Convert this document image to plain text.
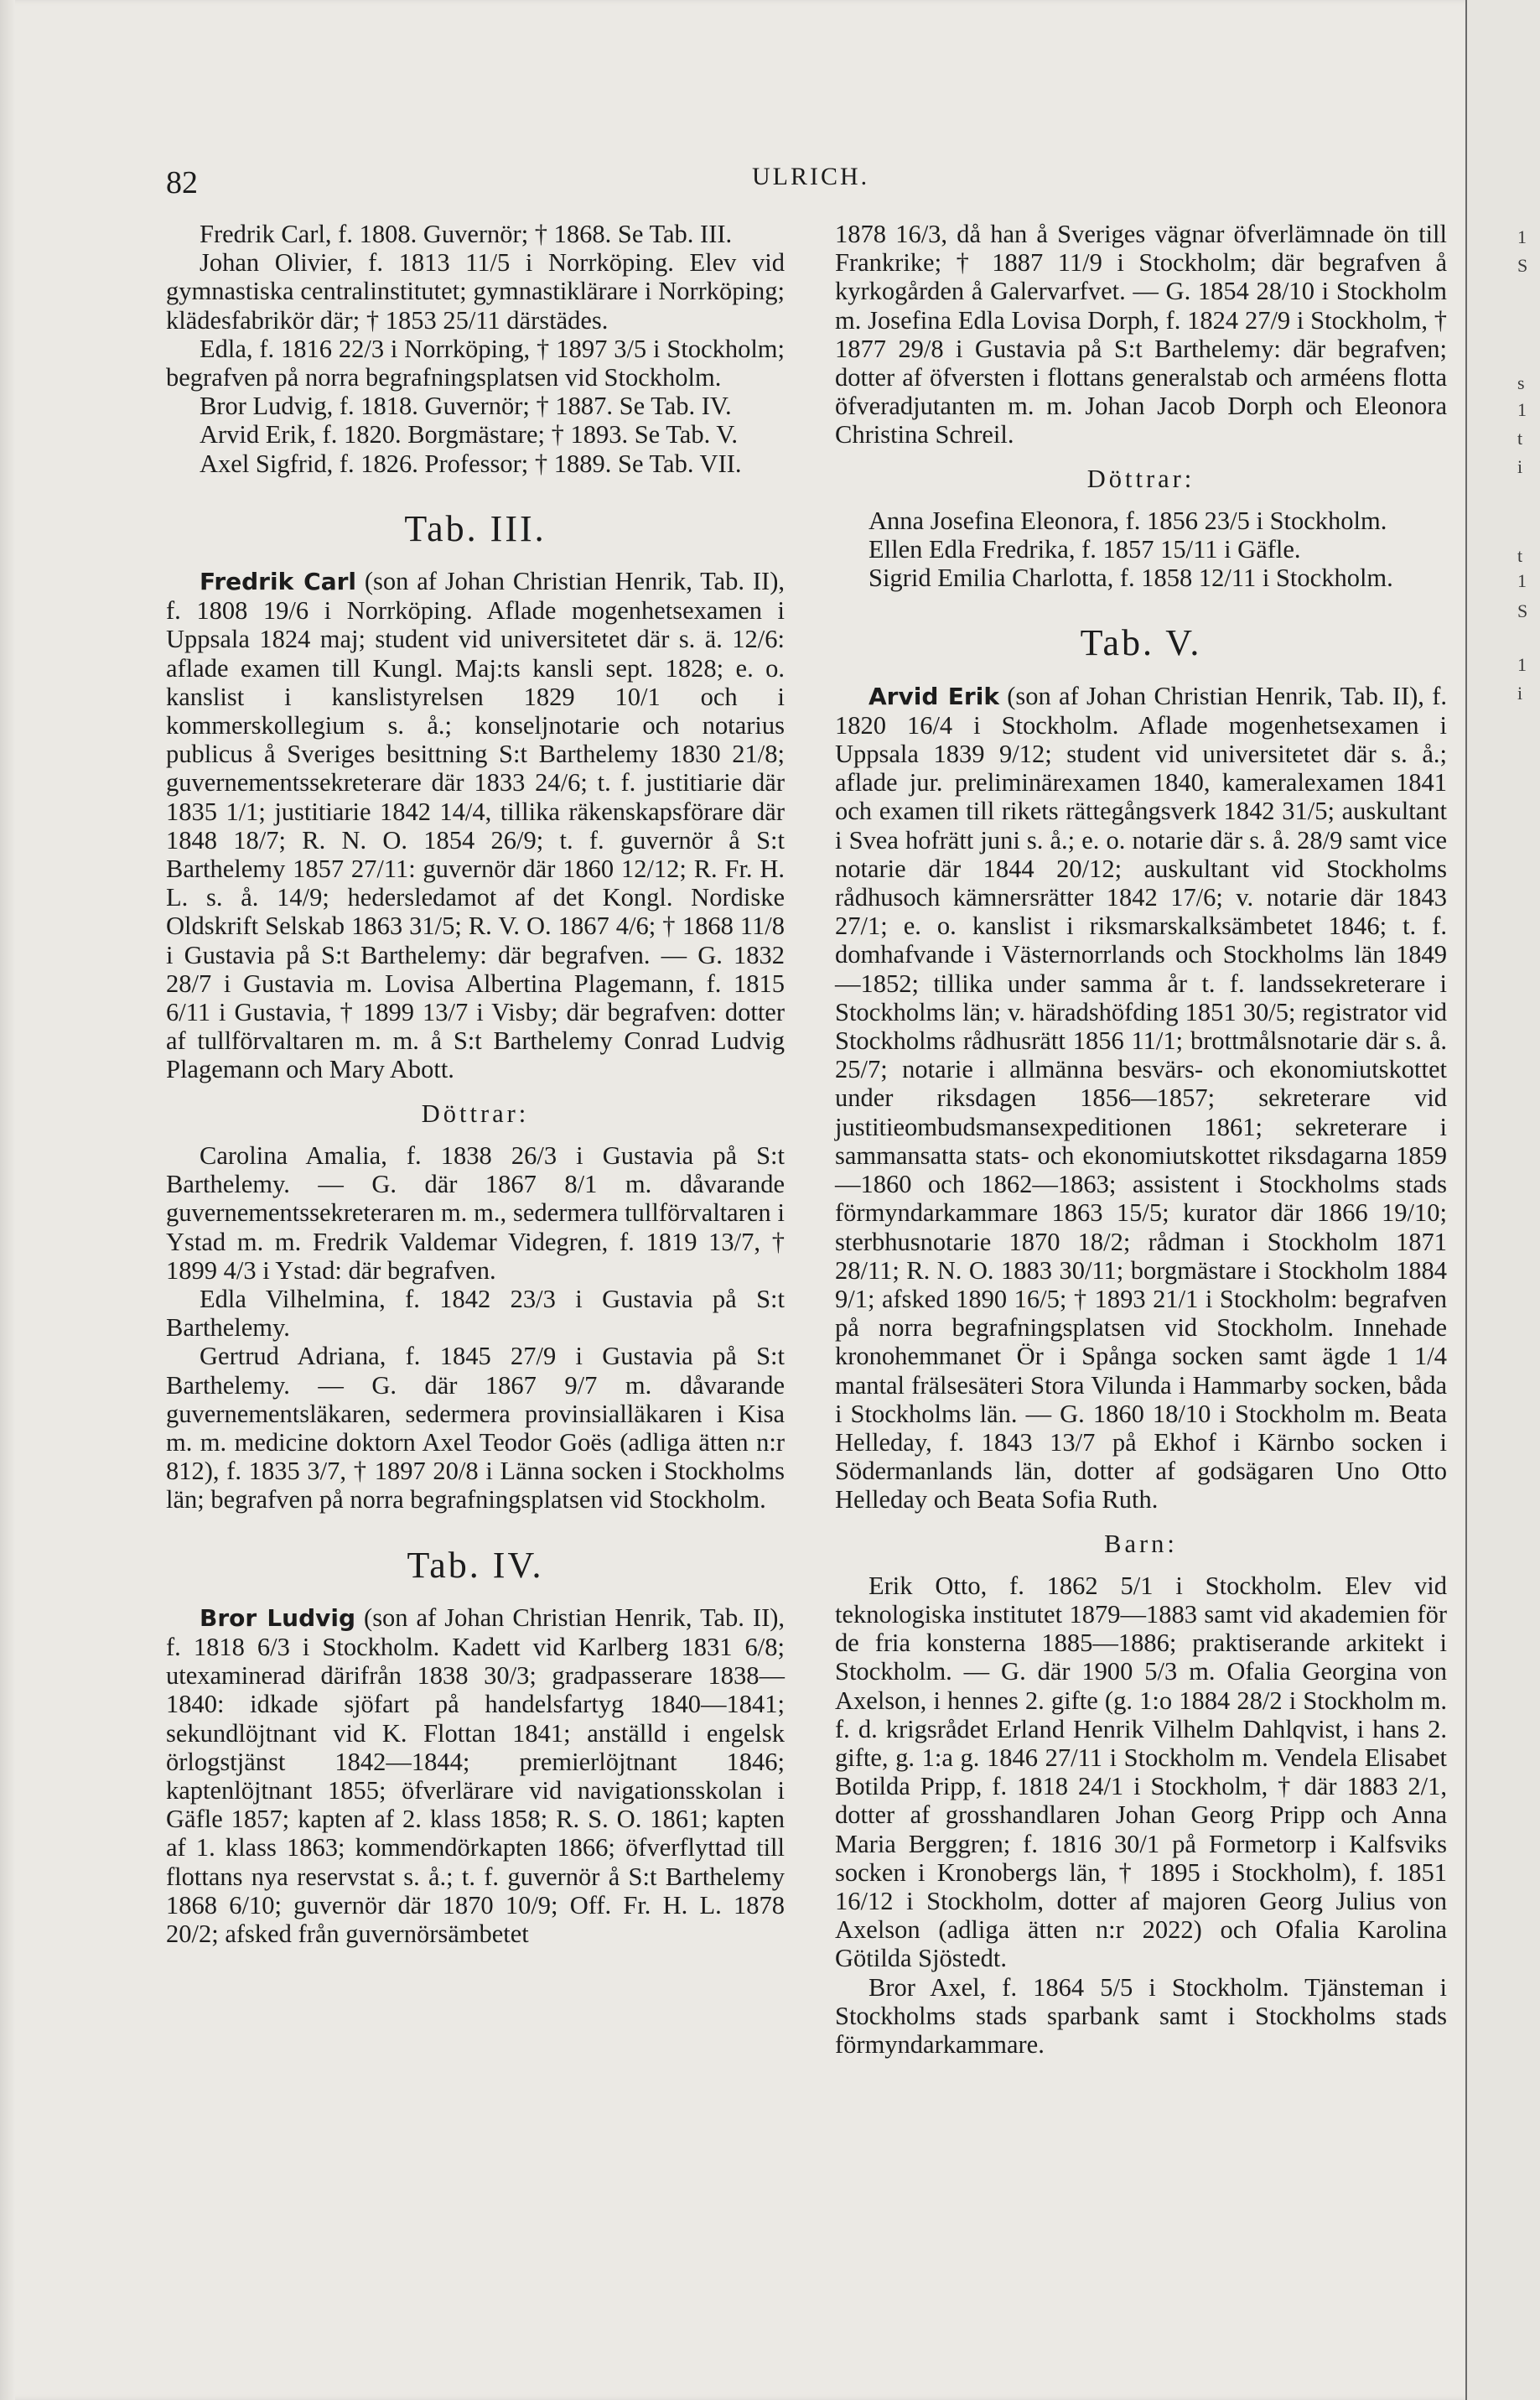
82	ULRICH.

Fredrik Carl, f. 1808. Guvernör; † 1868. Se Tab. III.

Johan Olivier, f. 1813 11/5 i Norrköping. Elev vid gymnastiska centralinstitutet; gymnastiklärare i Norrköping; klädesfabrikör där; † 1853 25/11 därstädes.

Edla, f. 1816 22/3 i Norrköping, † 1897 3/5 i Stockholm; begrafven på norra begrafningsplatsen vid Stockholm.

Bror Ludvig, f. 1818. Guvernör; † 1887. Se Tab. IV.

Arvid Erik, f. 1820. Borgmästare; † 1893. Se Tab. V.

Axel Sigfrid, f. 1826. Professor; † 1889. Se Tab. VII.

Tab. III.

Fredrik Carl (son af Johan Christian Henrik, Tab. II), f. 1808 19/6 i Norrköping. Aflade mogenhetsexamen i Uppsala 1824 maj; student vid universitetet där s. ä. 12/6: aflade examen till Kungl. Maj:ts kansli sept. 1828; e. o. kanslist i kanslistyrelsen 1829 10/1 och i kommerskollegium s. å.; konseljnotarie och notarius publicus å Sveriges besittning S:t Barthelemy 1830 21/8; guvernementssekreterare där 1833 24/6; t. f. justitiarie där 1835 1/1; justitiarie 1842 14/4, tillika räkenskapsförare där 1848 18/7; R. N. O. 1854 26/9; t. f. guvernör å S:t Barthelemy 1857 27/11: guvernör där 1860 12/12; R. Fr. H. L. s. å. 14/9; hedersledamot af det Kongl. Nordiske Oldskrift Selskab 1863 31/5; R. V. O. 1867 4/6; † 1868 11/8 i Gustavia på S:t Barthelemy: där begrafven. — G. 1832 28/7 i Gustavia m. Lovisa Albertina Plagemann, f. 1815 6/11 i Gustavia, † 1899 13/7 i Visby; där begrafven: dotter af tullförvaltaren m. m. å S:t Barthelemy Conrad Ludvig Plagemann och Mary Abott.

Döttrar:

Carolina Amalia, f. 1838 26/3 i Gustavia på S:t Barthelemy. — G. där 1867 8/1 m. dåvarande guvernementssekreteraren m. m., sedermera tullförvaltaren i Ystad m. m. Fredrik Valdemar Videgren, f. 1819 13/7, † 1899 4/3 i Ystad: där begrafven.

Edla Vilhelmina, f. 1842 23/3 i Gustavia på S:t Barthelemy.

Gertrud Adriana, f. 1845 27/9 i Gustavia på S:t Barthelemy. — G. där 1867 9/7 m. dåvarande guvernementsläkaren, sedermera provinsialläkaren i Kisa m. m. medicine doktorn Axel Teodor Goës (adliga ätten n:r 812), f. 1835 3/7, † 1897 20/8 i Länna socken i Stockholms län; begrafven på norra begrafningsplatsen vid Stockholm.

Tab. IV.

Bror Ludvig (son af Johan Christian Henrik, Tab. II), f. 1818 6/3 i Stockholm. Kadett vid Karlberg 1831 6/8; utexaminerad därifrån 1838 30/3; gradpasserare 1838—1840: idkade sjöfart på handelsfartyg 1840—1841; sekundlöjtnant vid K. Flottan 1841; anställd i engelsk örlogstjänst 1842—1844; premierlöjtnant 1846; kaptenlöjtnant 1855; öfverlärare vid navigationsskolan i Gäfle 1857; kapten af 2. klass 1858; R. S. O. 1861; kapten af 1. klass 1863; kommendörkapten 1866; öfverflyttad till flottans nya reservstat s. å.; t. f. guvernör å S:t Barthelemy 1868 6/10; guvernör där 1870 10/9; Off. Fr. H. L. 1878 20/2; afsked från guvernörsämbetet

1878 16/3, då han å Sveriges vägnar öfverlämnade ön till Frankrike; † 1887 11/9 i Stockholm; där begrafven å kyrkogården å Galervarfvet. — G. 1854 28/10 i Stockholm m. Josefina Edla Lovisa Dorph, f. 1824 27/9 i Stockholm, † 1877 29/8 i Gustavia på S:t Barthelemy: där begrafven; dotter af öfversten i flottans generalstab och arméens flotta öfveradjutanten m. m. Johan Jacob Dorph och Eleonora Christina Schreil.

Döttrar:

Anna Josefina Eleonora, f. 1856 23/5 i Stockholm.

Ellen Edla Fredrika, f. 1857 15/11 i Gäfle.

Sigrid Emilia Charlotta, f. 1858 12/11 i Stockholm.

Tab. V.

Arvid Erik (son af Johan Christian Henrik, Tab. II), f. 1820 16/4 i Stockholm. Aflade mogenhetsexamen i Uppsala 1839 9/12; student vid universitetet där s. å.; aflade jur. preliminärexamen 1840, kameralexamen 1841 och examen till rikets rättegångsverk 1842 31/5; auskultant i Svea hofrätt juni s. å.; e. o. notarie där s. å. 28/9 samt vice notarie där 1844 20/12; auskultant vid Stockholms rådhusoch kämnersrätter 1842 17/6; v. notarie där 1843 27/1; e. o. kanslist i riksmarskalksämbetet 1846; t. f. domhafvande i Västernorrlands och Stockholms län 1849—1852; tillika under samma år t. f. landssekreterare i Stockholms län; v. häradshöfding 1851 30/5; registrator vid Stockholms rådhusrätt 1856 11/1; brottmålsnotarie där s. å. 25/7; notarie i allmänna besvärs- och ekonomiutskottet under riksdagen 1856—1857; sekreterare vid justitieombudsmansexpeditionen 1861; sekreterare i sammansatta stats- och ekonomiutskottet riksdagarna 1859—1860 och 1862—1863; assistent i Stockholms stads förmyndarkammare 1863 15/5; kurator där 1866 19/10; sterbhusnotarie 1870 18/2; rådman i Stockholm 1871 28/11; R. N. O. 1883 30/11; borgmästare i Stockholm 1884 9/1; afsked 1890 16/5; † 1893 21/1 i Stockholm: begrafven på norra begrafningsplatsen vid Stockholm. Innehade kronohemmanet Ör i Spånga socken samt ägde 1 1/4 mantal frälsesäteri Stora Vilunda i Hammarby socken, båda i Stockholms län. — G. 1860 18/10 i Stockholm m. Beata Helleday, f. 1843 13/7 på Ekhof i Kärnbo socken i Södermanlands län, dotter af godsägaren Uno Otto Helleday och Beata Sofia Ruth.

Barn:

Erik Otto, f. 1862 5/1 i Stockholm. Elev vid teknologiska institutet 1879—1883 samt vid akademien för de fria konsterna 1885—1886; praktiserande arkitekt i Stockholm. — G. där 1900 5/3 m. Ofalia Georgina von Axelson, i hennes 2. gifte (g. 1:o 1884 28/2 i Stockholm m. f. d. krigsrådet Erland Henrik Vilhelm Dahlqvist, i hans 2. gifte, g. 1:a g. 1846 27/11 i Stockholm m. Vendela Elisabet Botilda Pripp, f. 1818 24/1 i Stockholm, † där 1883 2/1, dotter af grosshandlaren Johan Georg Pripp och Anna Maria Berggren; f. 1816 30/1 på Formetorp i Kalfsviks socken i Kronobergs län, † 1895 i Stockholm), f. 1851 16/12 i Stockholm, dotter af majoren Georg Julius von Axelson (adliga ätten n:r 2022) och Ofalia Karolina Götilda Sjöstedt.

Bror Axel, f. 1864 5/5 i Stockholm. Tjänsteman i Stockholms stads sparbank samt i Stockholms stads förmyndarkammare.

1
S
s
1
t
i
t
1
S
1
i
